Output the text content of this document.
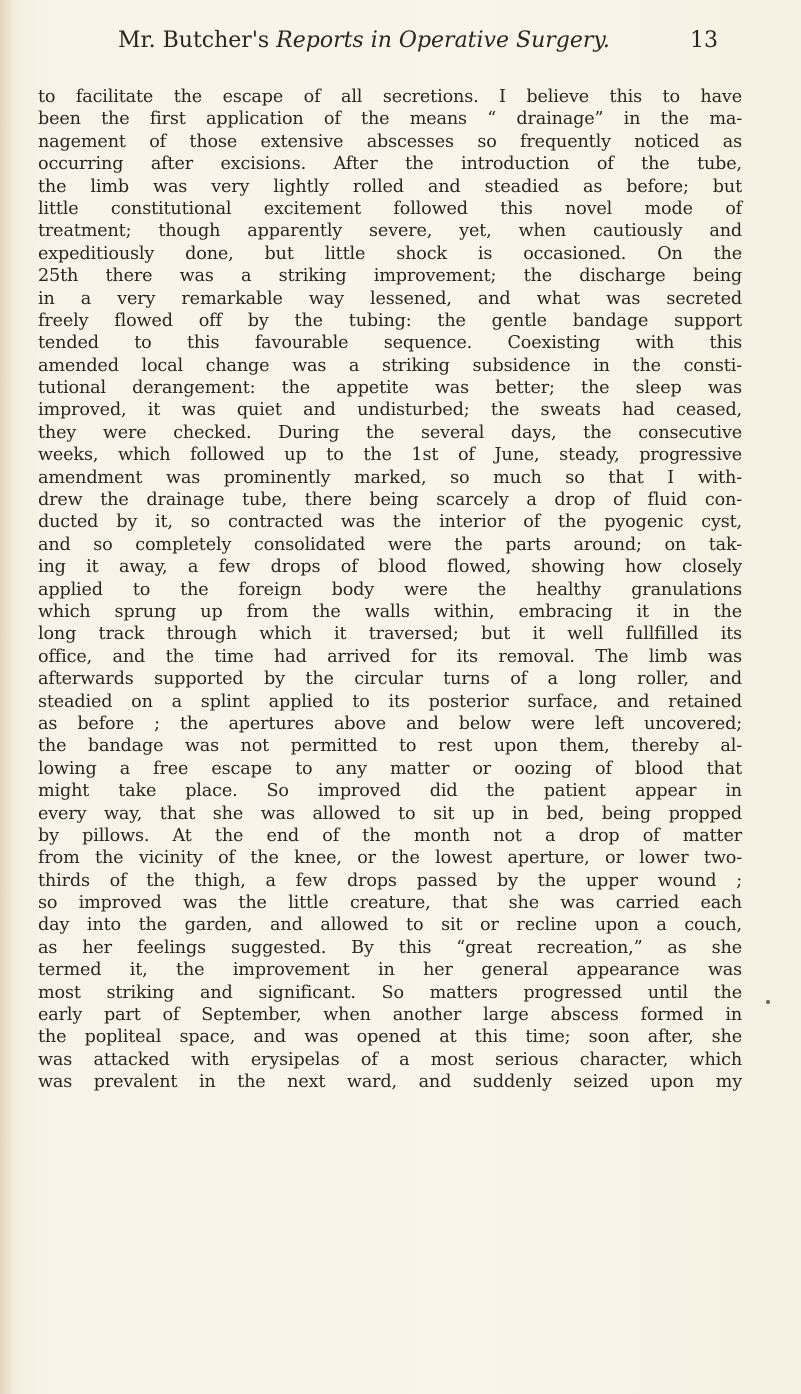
Mr. Butcher's Reports in Operative Surgery.	13
to facilitate the escape of all secretions. I believe this to have
been the first application of the means “ drainage” in the ma-
nagement of those extensive abscesses so frequently noticed as
occurring after excisions. After the introduction of the tube,
the limb was very lightly rolled and steadied as before; but
little constitutional excitement followed this novel mode of
treatment; though apparently severe, yet, when cautiously and
expeditiously done, but little shock is occasioned. On the
25th there was a striking improvement; the discharge being
in a very remarkable way lessened, and what was secreted
freely flowed off by the tubing: the gentle bandage support
tended to this favourable sequence. Coexisting with this
amended local change was a striking subsidence in the consti-
tutional derangement: the appetite was better; the sleep was
improved, it was quiet and undisturbed; the sweats had ceased,
they were checked. During the several days, the consecutive
weeks, which followed up to the 1st of June, steady, progressive
amendment was prominently marked, so much so that I with-
drew the drainage tube, there being scarcely a drop of fluid con-
ducted by it, so contracted was the interior of the pyogenic cyst,
and so completely consolidated were the parts around; on tak-
ing it away, a few drops of blood flowed, showing how closely
applied to the foreign body were the healthy granulations
which sprung up from the walls within, embracing it in the
long track through which it traversed; but it well fullfilled its
office, and the time had arrived for its removal. The limb was
afterwards supported by the circular turns of a long roller, and
steadied on a splint applied to its posterior surface, and retained
as before ; the apertures above and below were left uncovered;
the bandage was not permitted to rest upon them, thereby al-
lowing a free escape to any matter or oozing of blood that
might take place. So improved did the patient appear in
every way, that she was allowed to sit up in bed, being propped
by pillows. At the end of the month not a drop of matter
from the vicinity of the knee, or the lowest aperture, or lower two-
thirds of the thigh, a few drops passed by the upper wound ;
so improved was the little creature, that she was carried each
day into the garden, and allowed to sit or recline upon a couch,
as her feelings suggested. By this “great recreation,” as she
termed it, the improvement in her general appearance was
most striking and significant. So matters progressed until the
early part of September, when another large abscess formed in
the popliteal space, and was opened at this time; soon after, she
was attacked with erysipelas of a most serious character, which
was prevalent in the next ward, and suddenly seized upon my
